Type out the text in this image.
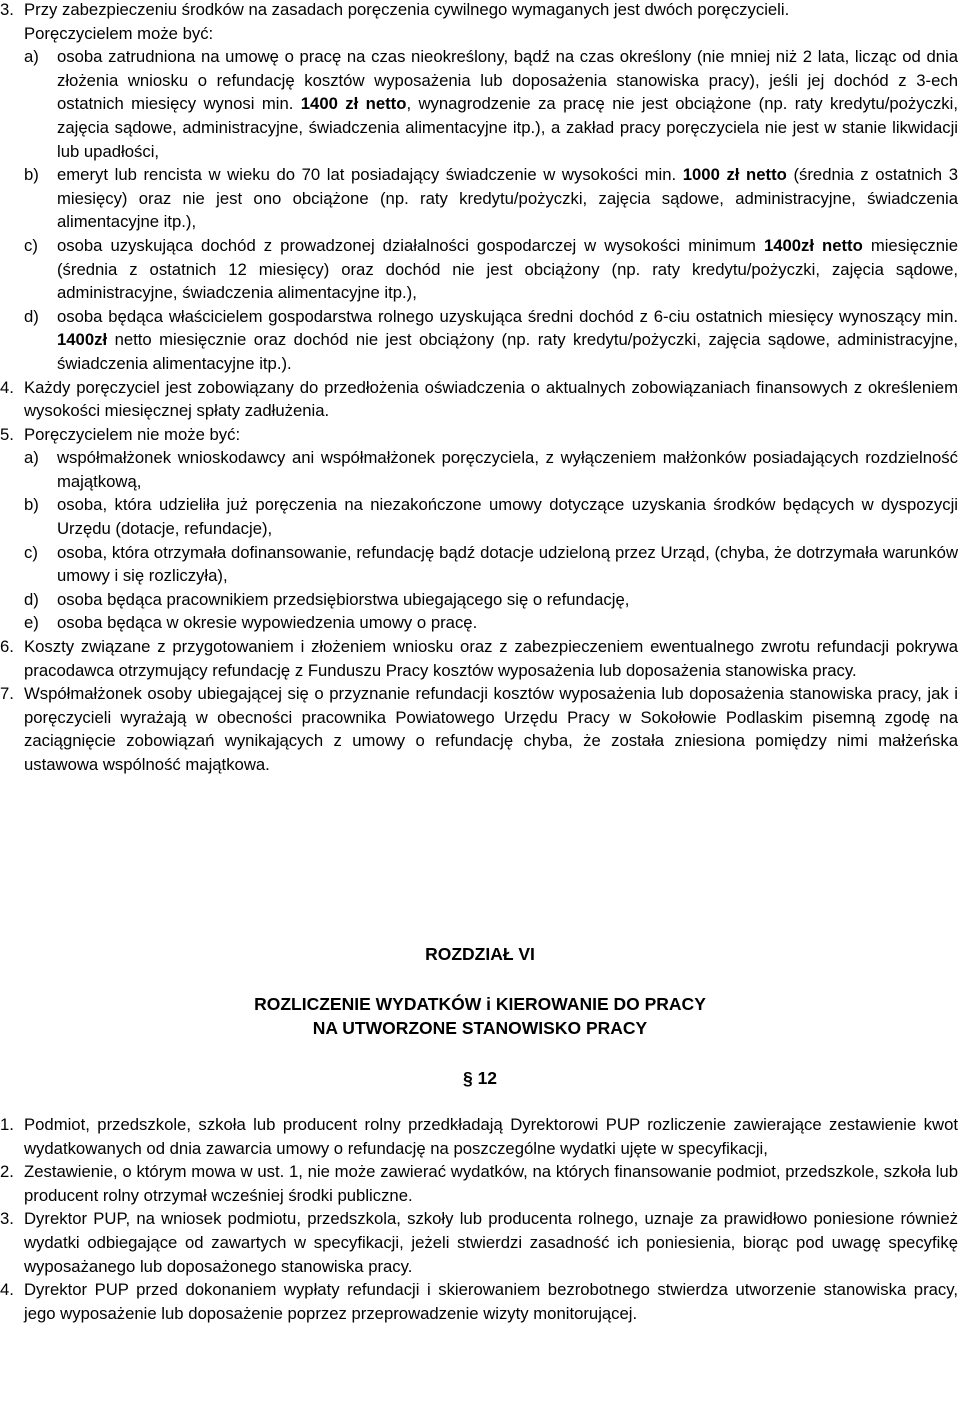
3. Przy zabezpieczeniu środków na zasadach poręczenia cywilnego wymaganych jest dwóch poręczycieli.

Poręczycielem może być:

a) osoba zatrudniona na umowę o pracę na czas nieokreślony, bądź na czas określony (nie mniej niż 2 lata, licząc od dnia złożenia wniosku o refundację kosztów wyposażenia lub doposażenia stanowiska pracy), jeśli jej dochód z 3-ech ostatnich miesięcy wynosi min. 1400 zł netto, wynagrodzenie za pracę nie jest obciążone (np. raty kredytu/pożyczki, zajęcia sądowe, administracyjne, świadczenia alimentacyjne itp.), a zakład pracy poręczyciela nie jest w stanie likwidacji lub upadłości,

b) emeryt lub rencista w wieku do 70 lat posiadający świadczenie w wysokości min. 1000 zł netto (średnia z ostatnich 3 miesięcy) oraz nie jest ono obciążone (np. raty kredytu/pożyczki, zajęcia sądowe, administracyjne, świadczenia alimentacyjne itp.),

c) osoba uzyskująca dochód z prowadzonej działalności gospodarczej w wysokości minimum 1400zł netto miesięcznie (średnia z ostatnich 12 miesięcy) oraz dochód nie jest obciążony (np. raty kredytu/pożyczki, zajęcia sądowe, administracyjne, świadczenia alimentacyjne itp.),

d) osoba będąca właścicielem gospodarstwa rolnego uzyskująca średni dochód z 6-ciu ostatnich miesięcy wynoszący min. 1400zł netto miesięcznie oraz dochód nie jest obciążony (np. raty kredytu/pożyczki, zajęcia sądowe, administracyjne, świadczenia alimentacyjne itp.).

4. Każdy poręczyciel jest zobowiązany do przedłożenia oświadczenia o aktualnych zobowiązaniach finansowych z określeniem wysokości miesięcznej spłaty zadłużenia.

5. Poręczycielem nie może być:

a) współmałżonek wnioskodawcy ani współmałżonek poręczyciela, z wyłączeniem małżonków posiadających rozdzielność majątkową,

b) osoba, która udzieliła już poręczenia na niezakończone umowy dotyczące uzyskania środków będących w dyspozycji Urzędu (dotacje, refundacje),

c) osoba, która otrzymała dofinansowanie, refundację bądź dotacje udzieloną przez Urząd, (chyba, że dotrzymała warunków umowy i się rozliczyła),

d) osoba będąca pracownikiem przedsiębiorstwa ubiegającego się o refundację,

e) osoba będąca w okresie wypowiedzenia umowy o pracę.

6. Koszty związane z przygotowaniem i złożeniem wniosku oraz z zabezpieczeniem ewentualnego zwrotu refundacji pokrywa pracodawca otrzymujący refundację z Funduszu Pracy kosztów wyposażenia lub doposażenia stanowiska pracy.

7. Współmałżonek osoby ubiegającej się o przyznanie refundacji kosztów wyposażenia lub doposażenia stanowiska pracy, jak i poręczycieli wyrażają w obecności pracownika Powiatowego Urzędu Pracy w Sokołowie Podlaskim pisemną zgodę na zaciągnięcie zobowiązań wynikających z umowy o refundację chyba, że została zniesiona pomiędzy nimi małżeńska ustawowa wspólność majątkowa.

ROZDZIAŁ VI
ROZLICZENIE WYDATKÓW i KIEROWANIE DO PRACY
NA UTWORZONE STANOWISKO PRACY
§ 12

1. Podmiot, przedszkole, szkoła lub producent rolny przedkładają Dyrektorowi PUP rozliczenie zawierające zestawienie kwot wydatkowanych od dnia zawarcia umowy o refundację na poszczególne wydatki ujęte w specyfikacji,

2. Zestawienie, o którym mowa w ust. 1, nie może zawierać wydatków, na których finansowanie podmiot, przedszkole, szkoła lub producent rolny otrzymał wcześniej środki publiczne.

3. Dyrektor PUP, na wniosek podmiotu, przedszkola, szkoły lub producenta rolnego, uznaje za prawidłowo poniesione również wydatki odbiegające od zawartych w specyfikacji, jeżeli stwierdzi zasadność ich poniesienia, biorąc pod uwagę specyfikę wyposażanego lub doposażonego stanowiska pracy.

4. Dyrektor PUP przed dokonaniem wypłaty refundacji i skierowaniem bezrobotnego stwierdza utworzenie stanowiska pracy, jego wyposażenie lub doposażenie poprzez przeprowadzenie wizyty monitorującej.
